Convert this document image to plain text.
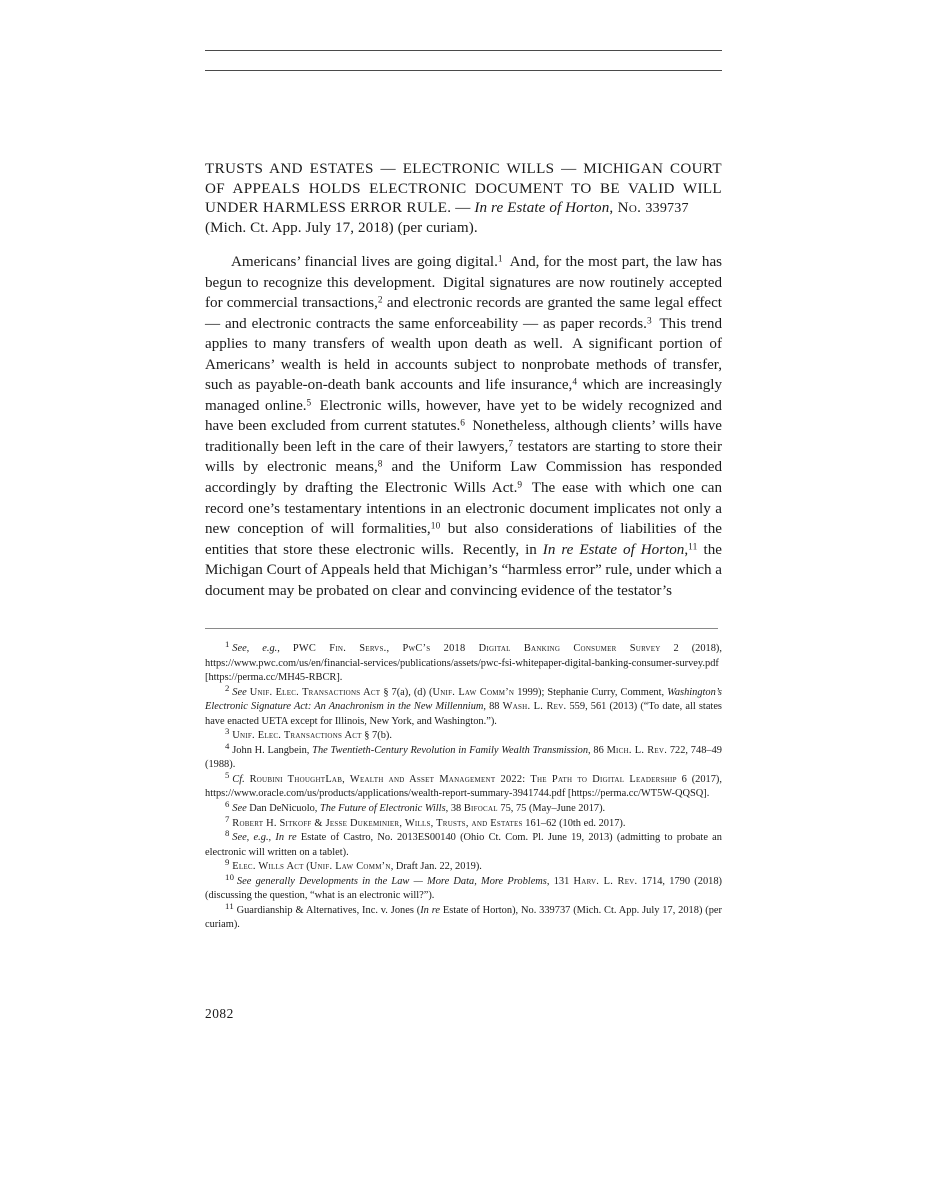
TRUSTS AND ESTATES — ELECTRONIC WILLS — MICHIGAN COURT OF APPEALS HOLDS ELECTRONIC DOCUMENT TO BE VALID WILL UNDER HARMLESS ERROR RULE. — In re Estate of Horton, No. 339737
(Mich. Ct. App. July 17, 2018) (per curiam).

Americans’ financial lives are going digital.$^1$ And, for the most part, the law has begun to recognize this development. Digital signatures are now routinely accepted for commercial transactions,$^2$ and electronic records are granted the same legal effect — and electronic contracts the same enforceability — as paper records.$^3$ This trend applies to many transfers of wealth upon death as well. A significant portion of Americans’ wealth is held in accounts subject to nonprobate methods of transfer, such as payable-on-death bank accounts and life insurance,$^4$ which are increasingly managed online.$^5$ Electronic wills, however, have yet to be widely recognized and have been excluded from current statutes.$^6$ Nonetheless, although clients’ wills have traditionally been left in the care of their lawyers,$^7$ testators are starting to store their wills by electronic means,$^8$ and the Uniform Law Commission has responded accordingly by drafting the Electronic Wills Act.$^9$ The ease with which one can record one’s testamentary intentions in an electronic document implicates not only a new conception of will formalities,$^{10}$ but also considerations of liabilities of the entities that store these electronic wills. Recently, in In re Estate of Horton,$^{11}$ the Michigan Court of Appeals held that Michigan’s “harmless error” rule, under which a document may be probated on clear and convincing evidence of the testator’s

$^1$ See, e.g., PWC Fin. Servs., PwC’s 2018 Digital Banking Consumer Survey 2 (2018), https://www.pwc.com/us/en/financial-services/publications/assets/pwc-fsi-whitepaper-digital-banking-consumer-survey.pdf [https://perma.cc/MH45-RBCR].

$^2$ See Unif. Elec. Transactions Act § 7(a), (d) (Unif. Law Comm’n 1999); Stephanie Curry, Comment, Washington’s Electronic Signature Act: An Anachronism in the New Millennium, 88 Wash. L. Rev. 559, 561 (2013) (“To date, all states have enacted UETA except for Illinois, New York, and Washington.”).

$^3$ Unif. Elec. Transactions Act § 7(b).

$^4$ John H. Langbein, The Twentieth-Century Revolution in Family Wealth Transmission, 86 Mich. L. Rev. 722, 748–49 (1988).

$^5$ Cf. Roubini ThoughtLab, Wealth and Asset Management 2022: The Path to Digital Leadership 6 (2017), https://www.oracle.com/us/products/applications/wealth-report-summary-3941744.pdf [https://perma.cc/WT5W-QQSQ].

$^6$ See Dan DeNicuolo, The Future of Electronic Wills, 38 Bifocal 75, 75 (May–June 2017).

$^7$ Robert H. Sitkoff & Jesse Dukeminier, Wills, Trusts, and Estates 161–62 (10th ed. 2017).

$^8$ See, e.g., In re Estate of Castro, No. 2013ES00140 (Ohio Ct. Com. Pl. June 19, 2013) (admitting to probate an electronic will written on a tablet).

$^9$ Elec. Wills Act (Unif. Law Comm’n, Draft Jan. 22, 2019).

$^{10}$ See generally Developments in the Law — More Data, More Problems, 131 Harv. L. Rev. 1714, 1790 (2018) (discussing the question, “what is an electronic will?”).

$^{11}$ Guardianship & Alternatives, Inc. v. Jones (In re Estate of Horton), No. 339737 (Mich. Ct. App. July 17, 2018) (per curiam).

2082
